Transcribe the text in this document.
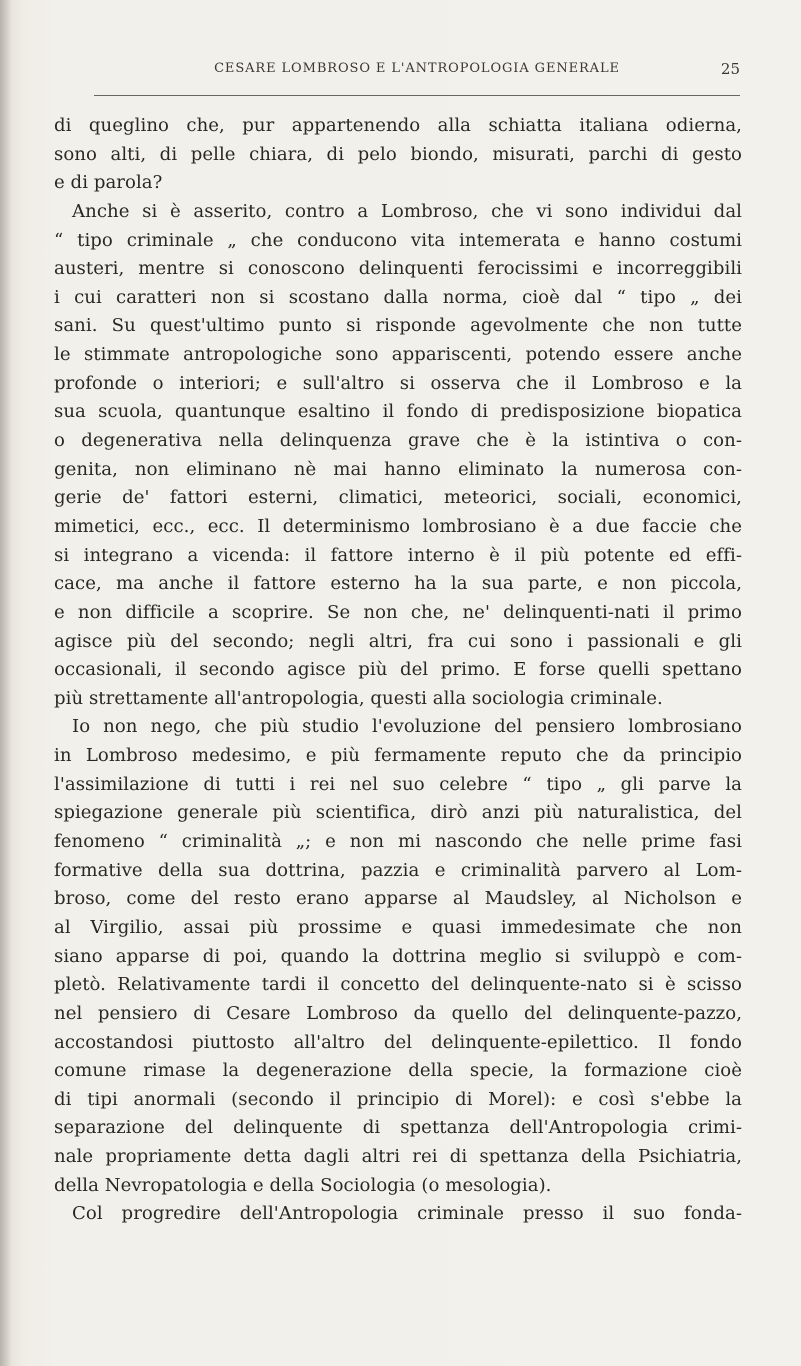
CESARE LOMBROSO E L'ANTROPOLOGIA GENERALE	25
di queglino che, pur appartenendo alla schiatta italiana odierna,
sono alti, di pelle chiara, di pelo biondo, misurati, parchi di gesto
e di parola?
Anche si è asserito, contro a Lombroso, che vi sono individui dal
“ tipo criminale „ che conducono vita intemerata e hanno costumi
austeri, mentre si conoscono delinquenti ferocissimi e incorreggibili
i cui caratteri non si scostano dalla norma, cioè dal “ tipo „ dei
sani. Su quest'ultimo punto si risponde agevolmente che non tutte
le stimmate antropologiche sono appariscenti, potendo essere anche
profonde o interiori; e sull'altro si osserva che il Lombroso e la
sua scuola, quantunque esaltino il fondo di predisposizione biopatica
o degenerativa nella delinquenza grave che è la istintiva o con-
genita, non eliminano nè mai hanno eliminato la numerosa con-
gerie de' fattori esterni, climatici, meteorici, sociali, economici,
mimetici, ecc., ecc. Il determinismo lombrosiano è a due faccie che
si integrano a vicenda: il fattore interno è il più potente ed effi-
cace, ma anche il fattore esterno ha la sua parte, e non piccola,
e non difficile a scoprire. Se non che, ne' delinquenti-nati il primo
agisce più del secondo; negli altri, fra cui sono i passionali e gli
occasionali, il secondo agisce più del primo. E forse quelli spettano
più strettamente all'antropologia, questi alla sociologia criminale.
Io non nego, che più studio l'evoluzione del pensiero lombrosiano
in Lombroso medesimo, e più fermamente reputo che da principio
l'assimilazione di tutti i rei nel suo celebre “ tipo „ gli parve la
spiegazione generale più scientifica, dirò anzi più naturalistica, del
fenomeno “ criminalità „; e non mi nascondo che nelle prime fasi
formative della sua dottrina, pazzia e criminalità parvero al Lom-
broso, come del resto erano apparse al Maudsley, al Nicholson e
al Virgilio, assai più prossime e quasi immedesimate che non
siano apparse di poi, quando la dottrina meglio si sviluppò e com-
pletò. Relativamente tardi il concetto del delinquente-nato si è scisso
nel pensiero di Cesare Lombroso da quello del delinquente-pazzo,
accostandosi piuttosto all'altro del delinquente-epilettico. Il fondo
comune rimase la degenerazione della specie, la formazione cioè
di tipi anormali (secondo il principio di Morel): e così s'ebbe la
separazione del delinquente di spettanza dell'Antropologia crimi-
nale propriamente detta dagli altri rei di spettanza della Psichiatria,
della Nevropatologia e della Sociologia (o mesologia).
Col progredire dell'Antropologia criminale presso il suo fonda-
